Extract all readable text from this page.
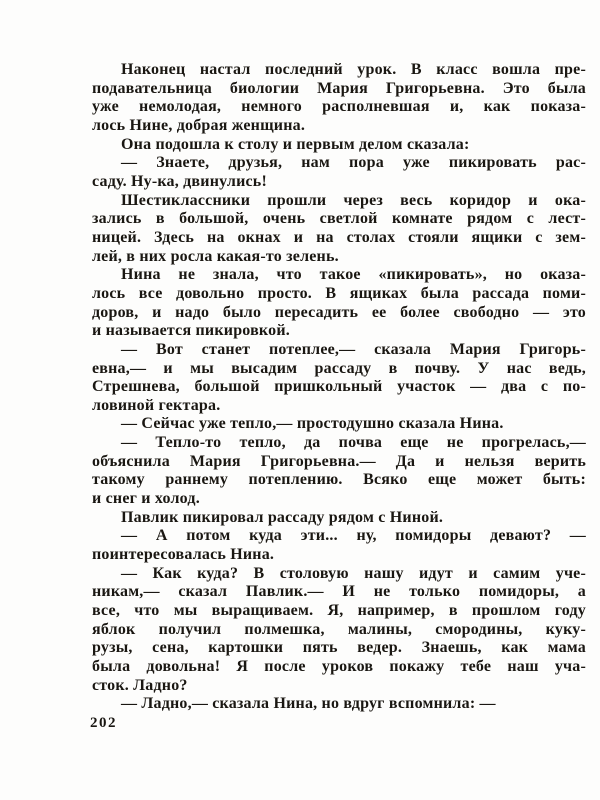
Наконец настал последний урок. В класс вошла пре-
подавательница биологии Мария Григорьевна. Это была
уже немолодая, немного располневшая и, как показа-
лось Нине, добрая женщина.
Она подошла к столу и первым делом сказала:
— Знаете, друзья, нам пора уже пикировать рас-
саду. Ну-ка, двинулись!
Шестиклассники прошли через весь коридор и ока-
зались в большой, очень светлой комнате рядом с лест-
ницей. Здесь на окнах и на столах стояли ящики с зем-
лей, в них росла какая-то зелень.
Нина не знала, что такое «пикировать», но оказа-
лось все довольно просто. В ящиках была рассада поми-
доров, и надо было пересадить ее более свободно — это
и называется пикировкой.
— Вот станет потеплее,— сказала Мария Григорь-
евна,— и мы высадим рассаду в почву. У нас ведь,
Стрешнева, большой пришкольный участок — два с по-
ловиной гектара.
— Сейчас уже тепло,— простодушно сказала Нина.
— Тепло-то тепло, да почва еще не прогрелась,—
объяснила Мария Григорьевна.— Да и нельзя верить
такому раннему потеплению. Всяко еще может быть:
и снег и холод.
Павлик пикировал рассаду рядом с Ниной.
— А потом куда эти... ну, помидоры девают? —
поинтересовалась Нина.
— Как куда? В столовую нашу идут и самим уче-
никам,— сказал Павлик.— И не только помидоры, а
все, что мы выращиваем. Я, например, в прошлом году
яблок получил полмешка, малины, смородины, куку-
рузы, сена, картошки пять ведер. Знаешь, как мама
была довольна! Я после уроков покажу тебе наш уча-
сток. Ладно?
— Ладно,— сказала Нина, но вдруг вспомнила: —
202
